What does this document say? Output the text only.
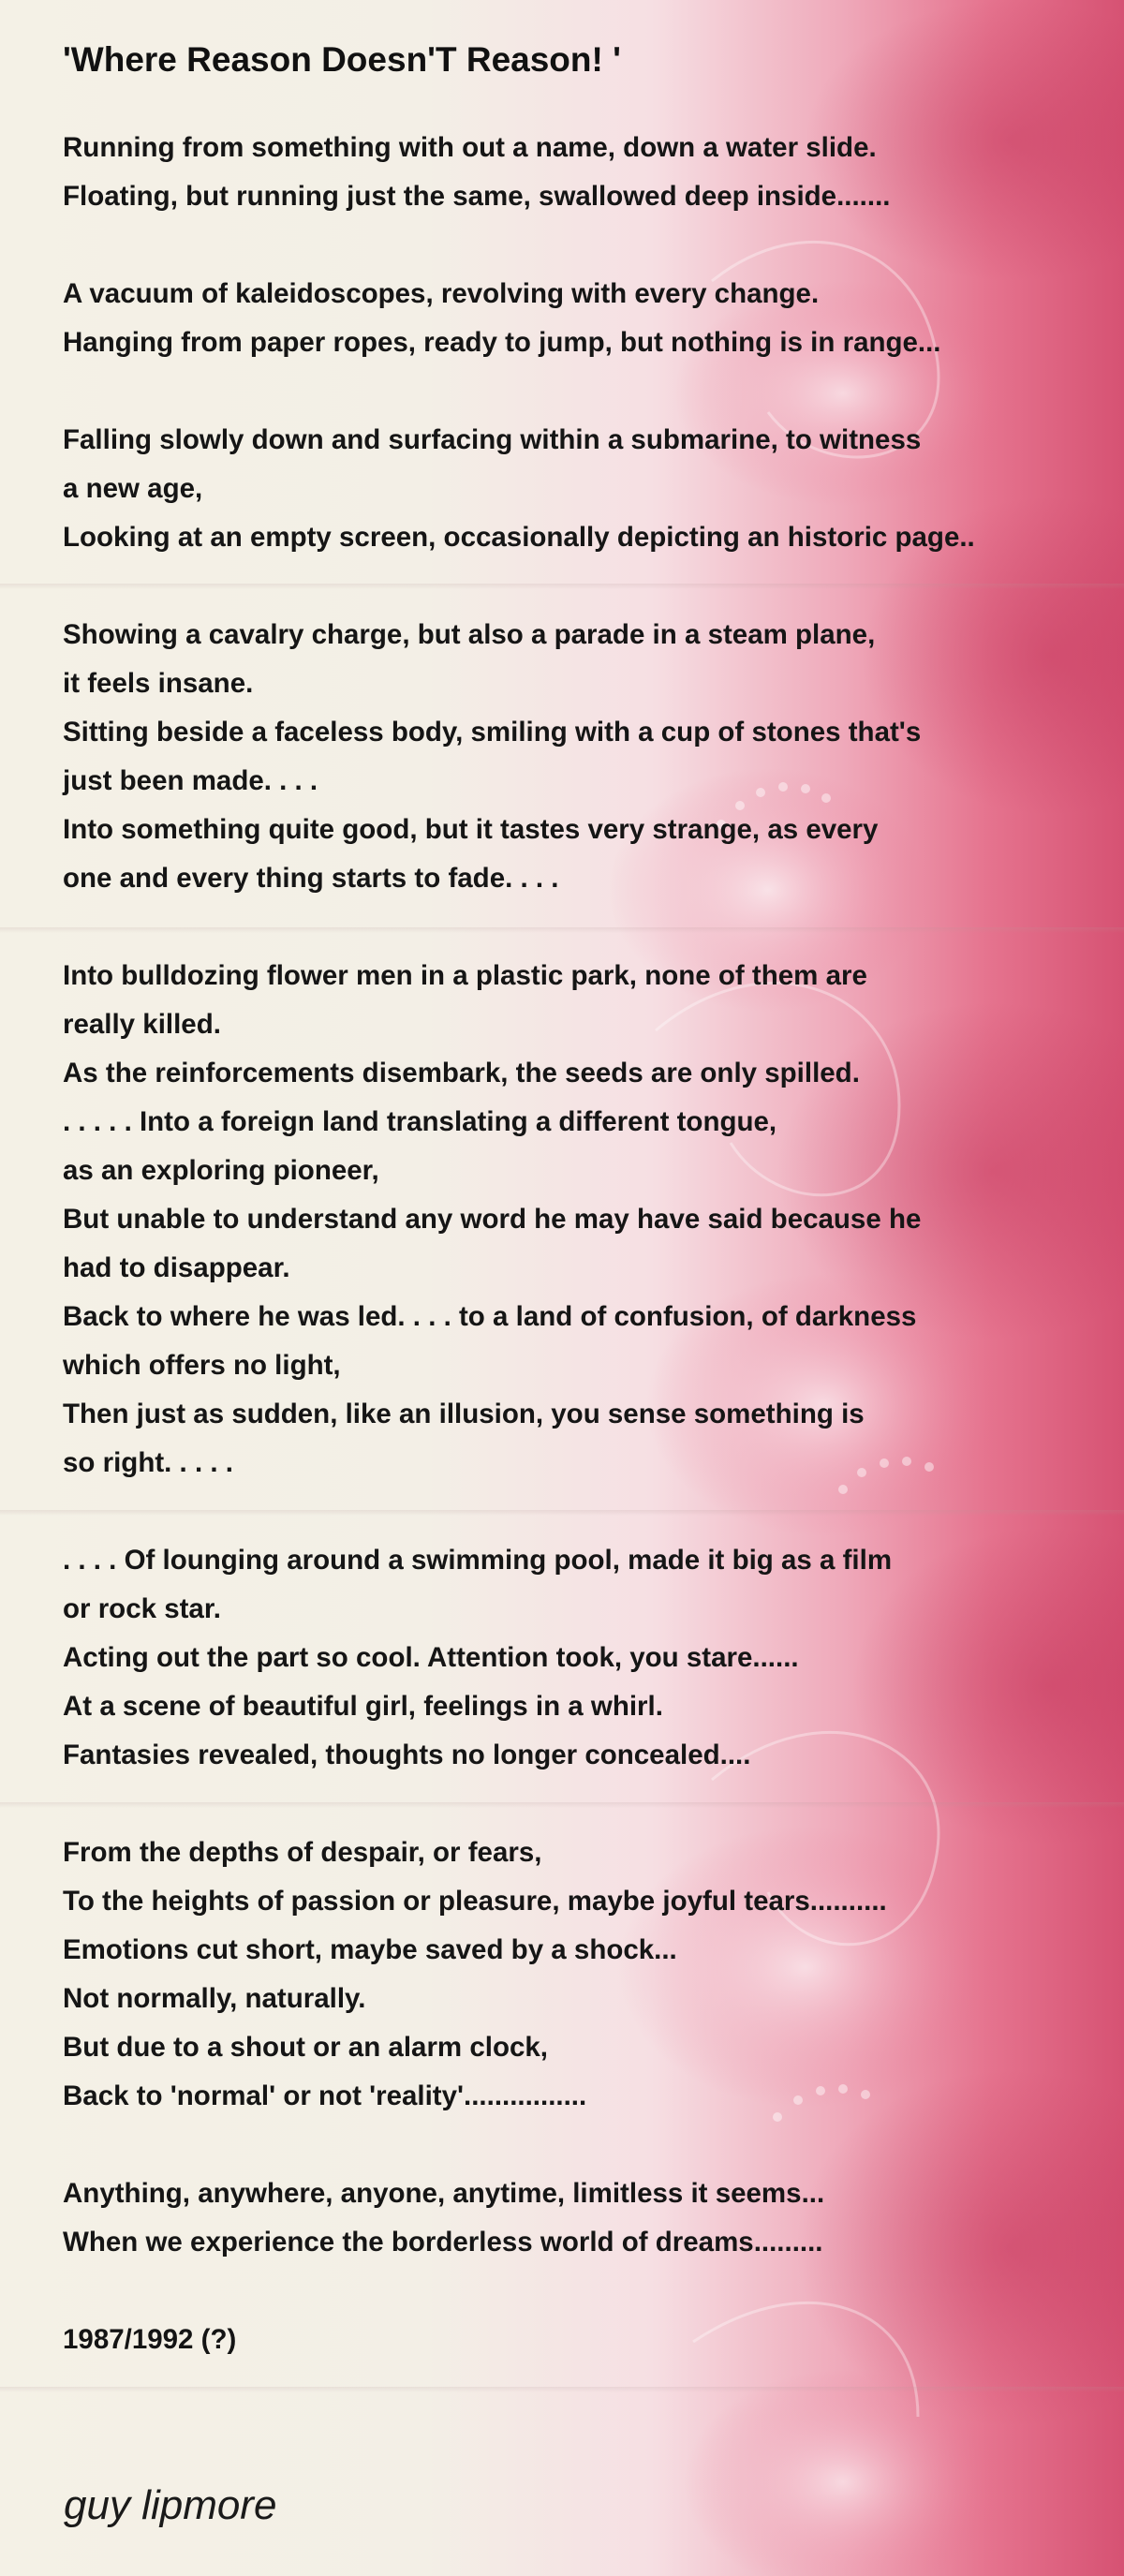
'Where Reason Doesn'T Reason! '
Running from something with out a name, down a water slide.
Floating, but running just the same, swallowed deep inside.......
A vacuum of kaleidoscopes, revolving with every change.
Hanging from paper ropes, ready to jump, but nothing is in range...
Falling slowly down and surfacing within a submarine, to witness
a new age,
Looking at an empty screen, occasionally depicting an historic page..
Showing a cavalry charge, but also a parade in a steam plane,
it feels insane.
Sitting beside a faceless body, smiling with a cup of stones that's
just been made. . . .
Into something quite good, but it tastes very strange, as every
one and every thing starts to fade. . . .
Into bulldozing flower men in a plastic park, none of them are
really killed.
As the reinforcements disembark, the seeds are only spilled.
. . . . . Into a foreign land translating a different tongue,
as an exploring pioneer,
But unable to understand any word he may have said because he
had to disappear.
Back to where he was led. . . . to a land of confusion, of darkness
which offers no light,
Then just as sudden, like an illusion, you sense something is
so right. . . . .
. . . . Of lounging around a swimming pool, made it big as a film
or rock star.
Acting out the part so cool. Attention took, you stare......
At a scene of beautiful girl, feelings in a whirl.
Fantasies revealed, thoughts no longer concealed....
From the depths of despair, or fears,
To the heights of passion or pleasure, maybe joyful tears..........
Emotions cut short, maybe saved by a shock...
Not normally, naturally.
But due to a shout or an alarm clock,
Back to 'normal' or not 'reality'................
Anything, anywhere, anyone, anytime, limitless it seems...
When we experience the borderless world of dreams.........
1987/1992 (?)
guy lipmore
